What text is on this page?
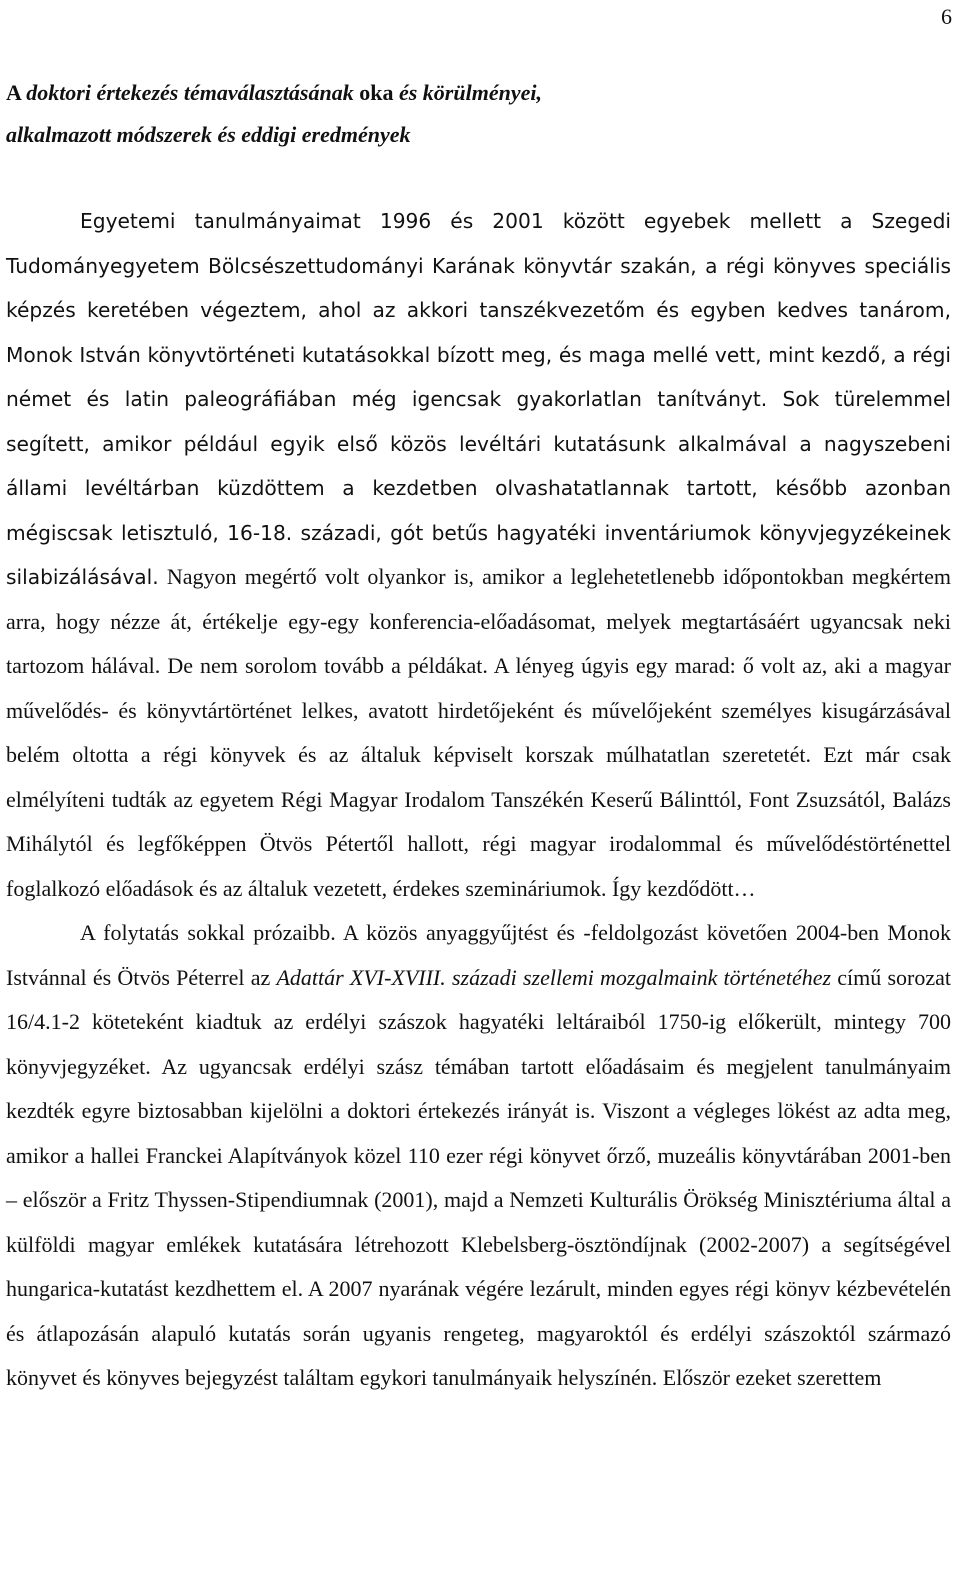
6
A doktori értekezés témaválasztásának oka és körülményei,
alkalmazott módszerek és eddigi eredmények

Egyetemi tanulmányaimat 1996 és 2001 között egyebek mellett a Szegedi Tudományegyetem Bölcsészettudományi Karának könyvtár szakán, a régi könyves speciális képzés keretében végeztem, ahol az akkori tanszékvezetőm és egyben kedves tanárom, Monok István könyvtörténeti kutatásokkal bízott meg, és maga mellé vett, mint kezdő, a régi német és latin paleográfiában még igencsak gyakorlatlan tanítványt. Sok türelemmel segített, amikor például egyik első közös levéltári kutatásunk alkalmával a nagyszebeni állami levéltárban küzdöttem a kezdetben olvashatatlannak tartott, később azonban mégiscsak letisztuló, 16-18. századi, gót betűs hagyatéki inventáriumok könyvjegyzékeinek silabizálásával. Nagyon megértő volt olyankor is, amikor a leglehetetlenebb időpontokban megkértem arra, hogy nézze át, értékelje egy-egy konferencia-előadásomat, melyek megtartásáért ugyancsak neki tartozom hálával. De nem sorolom tovább a példákat. A lényeg úgyis egy marad: ő volt az, aki a magyar művelődés- és könyvtártörténet lelkes, avatott hirdetőjeként és művelőjeként személyes kisugárzásával belém oltotta a régi könyvek és az általuk képviselt korszak múlhatatlan szeretetét. Ezt már csak elmélyíteni tudták az egyetem Régi Magyar Irodalom Tanszékén Keserű Bálinttól, Font Zsuzsától, Balázs Mihálytól és legfőképpen Ötvös Pétertől hallott, régi magyar irodalommal és művelődéstörténettel foglalkozó előadások és az általuk vezetett, érdekes szemináriumok. Így kezdődött…

A folytatás sokkal prózaibb. A közös anyaggyűjtést és -feldolgozást követően 2004-ben Monok Istvánnal és Ötvös Péterrel az Adattár XVI-XVIII. századi szellemi mozgalmaink történetéhez című sorozat 16/4.1-2 köteteként kiadtuk az erdélyi szászok hagyatéki leltáraiból 1750-ig előkerült, mintegy 700 könyvjegyzéket. Az ugyancsak erdélyi szász témában tartott előadásaim és megjelent tanulmányaim kezdték egyre biztosabban kijelölni a doktori értekezés irányát is. Viszont a végleges lökést az adta meg, amikor a hallei Franckei Alapítványok közel 110 ezer régi könyvet őrző, muzeális könyvtárában 2001-ben – először a Fritz Thyssen-Stipendiumnak (2001), majd a Nemzeti Kulturális Örökség Minisztériuma által a külföldi magyar emlékek kutatására létrehozott Klebelsberg-ösztöndíjnak (2002-2007) a segítségével hungarica-kutatást kezdhettem el. A 2007 nyarának végére lezárult, minden egyes régi könyv kézbevételén és átlapozásán alapuló kutatás során ugyanis rengeteg, magyaroktól és erdélyi szászoktól származó könyvet és könyves bejegyzést találtam egykori tanulmányaik helyszínén. Először ezeket szerettem
